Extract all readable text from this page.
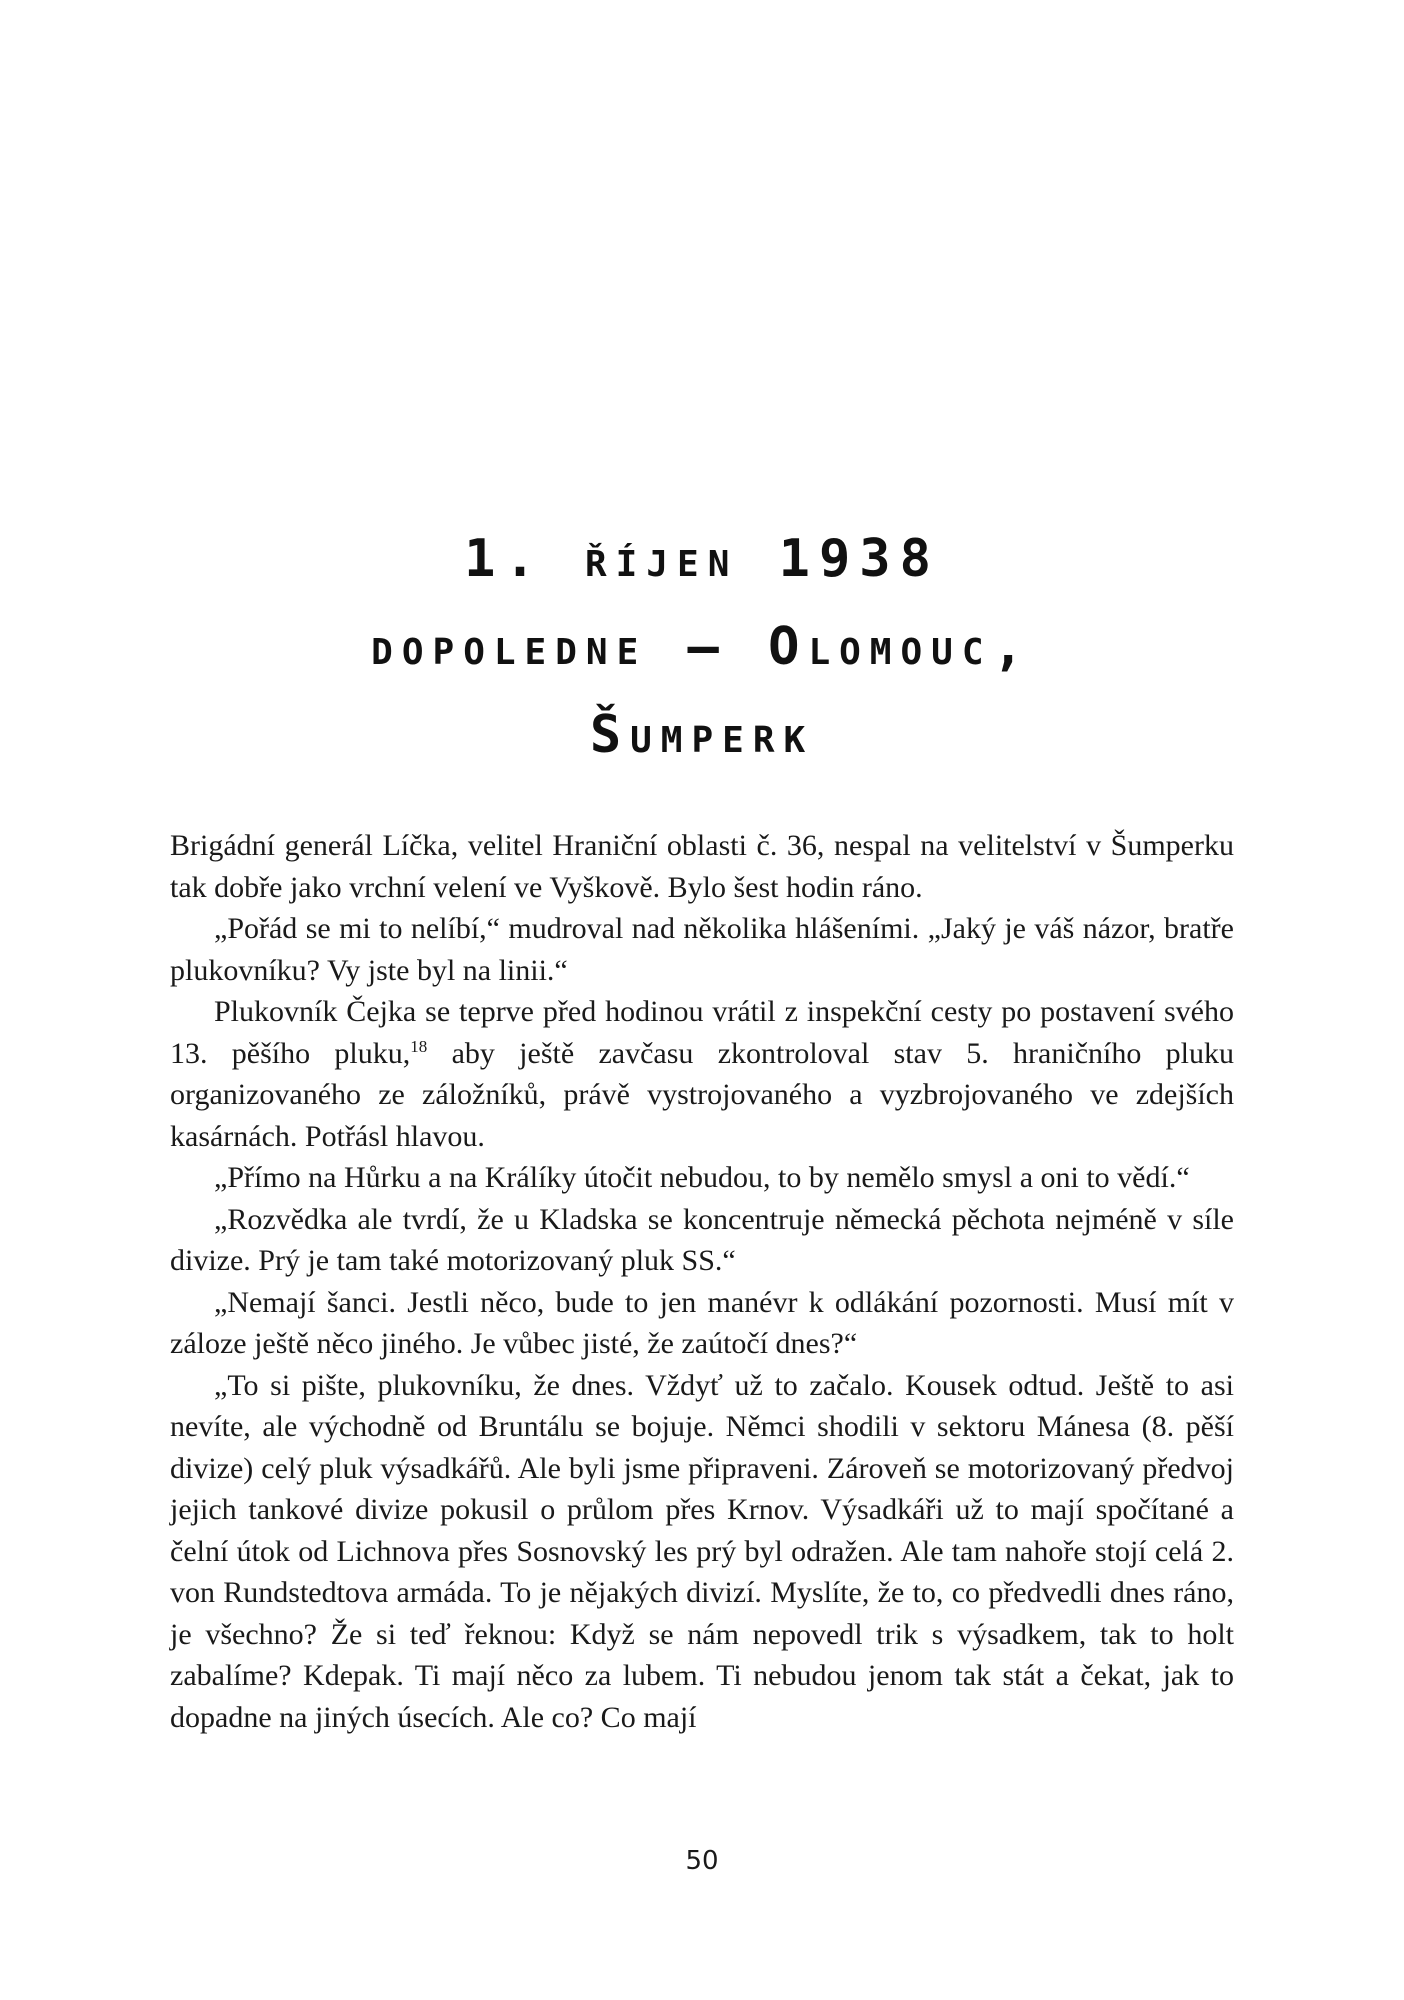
1. říjen 1938
dopoledne – Olomouc,
Šumperk

Brigádní generál Líčka, velitel Hraniční oblasti č. 36, nespal na velitelství v Šumperku tak dobře jako vrchní velení ve Vyškově. Bylo šest hodin ráno.

„Pořád se mi to nelíbí,“ mudroval nad několika hlášeními. „Jaký je váš názor, bratře plukovníku? Vy jste byl na linii.“

Plukovník Čejka se teprve před hodinou vrátil z inspekční cesty po postavení svého 13. pěšího pluku,$^{18}$ aby ještě zavčasu zkontroloval stav 5. hraničního pluku organizovaného ze záložníků, právě vystrojovaného a vyzbrojovaného ve zdejších kasárnách. Potřásl hlavou.

„Přímo na Hůrku a na Králíky útočit nebudou, to by nemělo smysl a oni to vědí.“

„Rozvědka ale tvrdí, že u Kladska se koncentruje německá pěchota nejméně v síle divize. Prý je tam také motorizovaný pluk SS.“

„Nemají šanci. Jestli něco, bude to jen manévr k odlákání pozornosti. Musí mít v záloze ještě něco jiného. Je vůbec jisté, že zaútočí dnes?“

„To si pište, plukovníku, že dnes. Vždyť už to začalo. Kousek odtud. Ještě to asi nevíte, ale východně od Bruntálu se bojuje. Němci shodili v sektoru Mánesa (8. pěší divize) celý pluk výsadkářů. Ale byli jsme připraveni. Zároveň se motorizovaný předvoj jejich tankové divize pokusil o průlom přes Krnov. Výsadkáři už to mají spočítané a čelní útok od Lichnova přes Sosnovský les prý byl odražen. Ale tam nahoře stojí celá 2. von Rundstedtova armáda. To je nějakých divizí. Myslíte, že to, co předvedli dnes ráno, je všechno? Že si teď řeknou: Když se nám nepovedl trik s výsadkem, tak to holt zabalíme? Kdepak. Ti mají něco za lubem. Ti nebudou jenom tak stát a čekat, jak to dopadne na jiných úsecích. Ale co? Co mají

50
